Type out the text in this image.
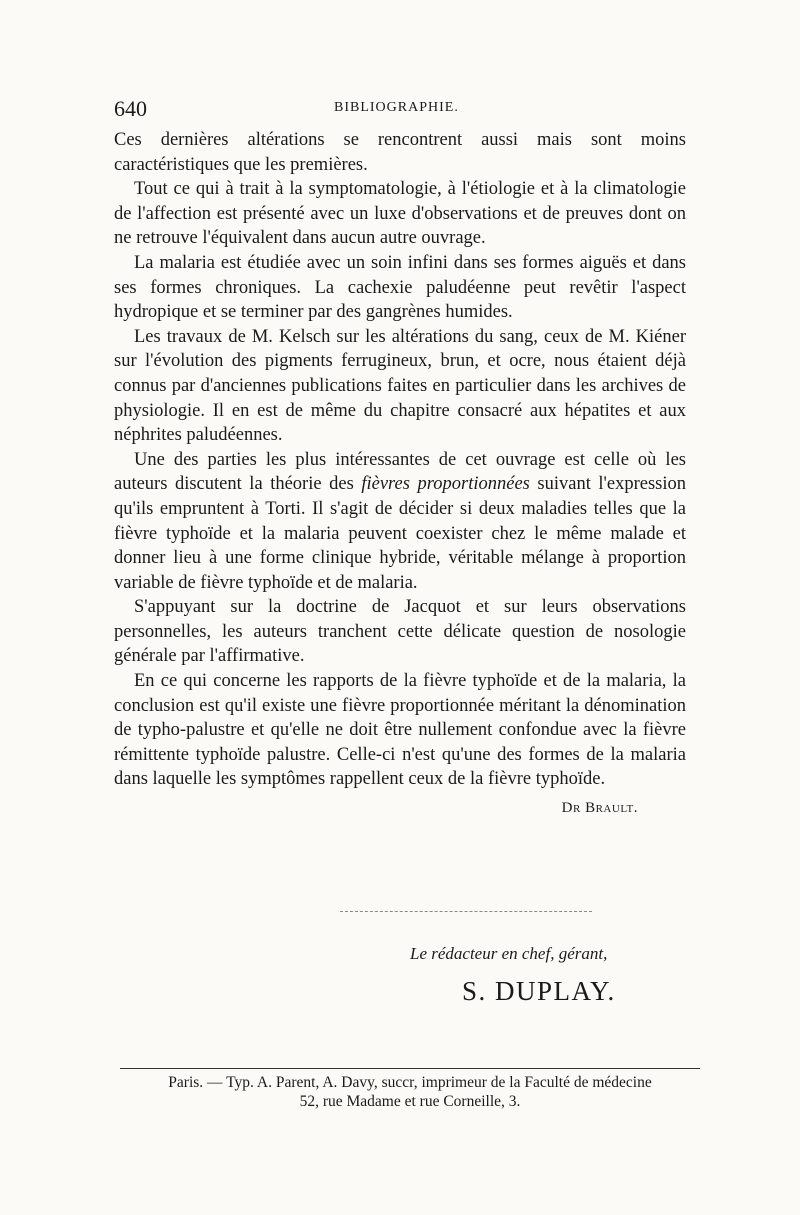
640	BIBLIOGRAPHIE.

Ces dernières altérations se rencontrent aussi mais sont moins caractéristiques que les premières.

Tout ce qui à trait à la symptomatologie, à l'étiologie et à la climatologie de l'affection est présenté avec un luxe d'observations et de preuves dont on ne retrouve l'équivalent dans aucun autre ouvrage.

La malaria est étudiée avec un soin infini dans ses formes aiguës et dans ses formes chroniques. La cachexie paludéenne peut revêtir l'aspect hydropique et se terminer par des gangrènes humides.

Les travaux de M. Kelsch sur les altérations du sang, ceux de M. Kiéner sur l'évolution des pigments ferrugineux, brun, et ocre, nous étaient déjà connus par d'anciennes publications faites en particulier dans les archives de physiologie. Il en est de même du chapitre consacré aux hépatites et aux néphrites paludéennes.

Une des parties les plus intéressantes de cet ouvrage est celle où les auteurs discutent la théorie des fièvres proportionnées suivant l'expression qu'ils empruntent à Torti. Il s'agit de décider si deux maladies telles que la fièvre typhoïde et la malaria peuvent coexister chez le même malade et donner lieu à une forme clinique hybride, véritable mélange à proportion variable de fièvre typhoïde et de malaria.

S'appuyant sur la doctrine de Jacquot et sur leurs observations personnelles, les auteurs tranchent cette délicate question de nosologie générale par l'affirmative.

En ce qui concerne les rapports de la fièvre typhoïde et de la malaria, la conclusion est qu'il existe une fièvre proportionnée méritant la dénomination de typho-palustre et qu'elle ne doit être nullement confondue avec la fièvre rémittente typhoïde palustre. Celle-ci n'est qu'une des formes de la malaria dans laquelle les symptômes rappellent ceux de la fièvre typhoïde.

Dr Brault.
Le rédacteur en chef, gérant,
S. DUPLAY.
Paris. — Typ. A. Parent, A. Davy, succr, imprimeur de la Faculté de médecine
52, rue Madame et rue Corneille, 3.
